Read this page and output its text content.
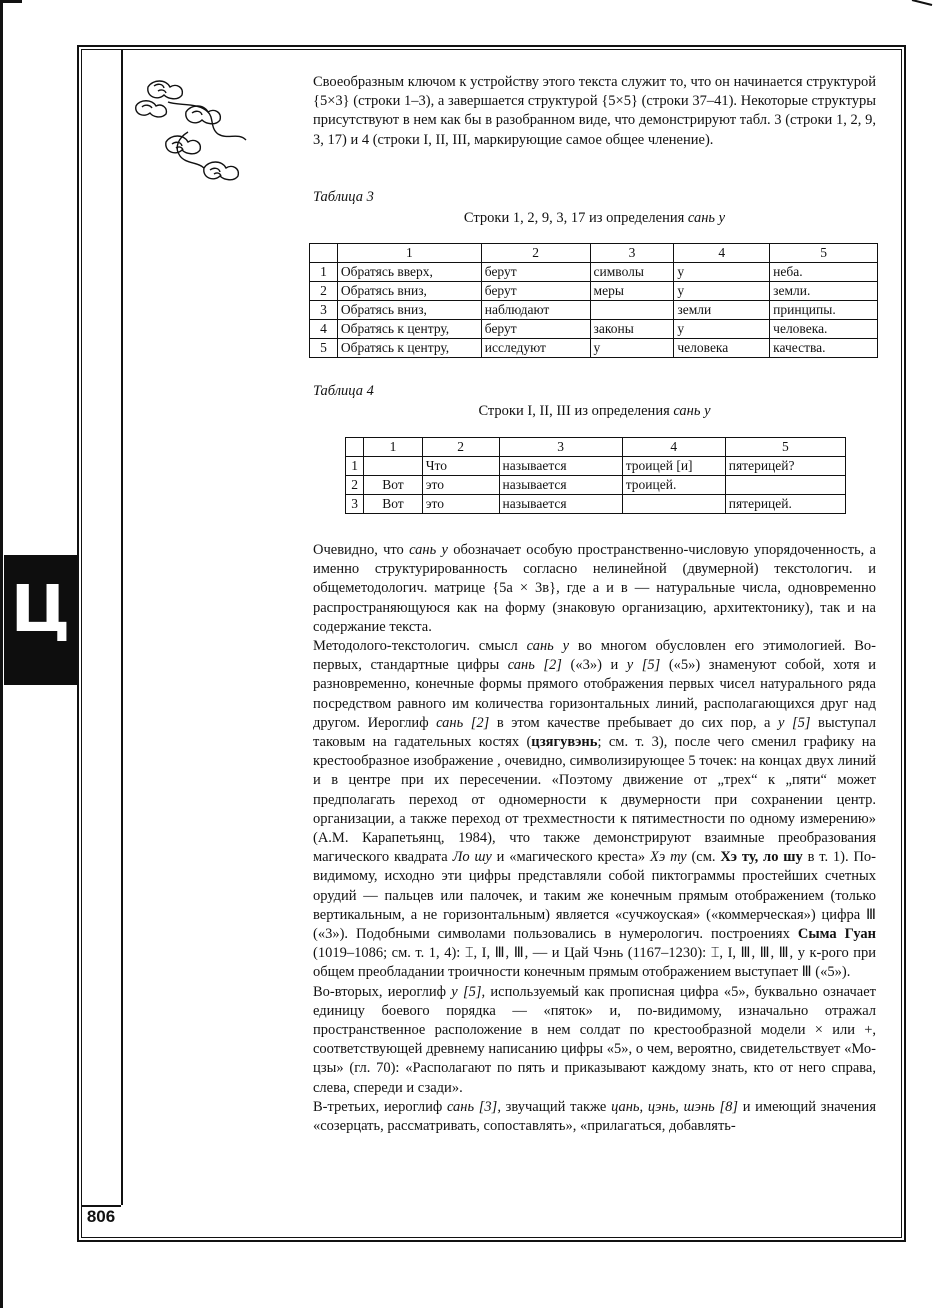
806
Ц
Своеобразным ключом к устройству этого текста служит то, что он начинается структурой {5×3} (строки 1–3), а завершается структурой {5×5} (строки 37–41). Некоторые структуры присутствуют в нем как бы в разобранном виде, что демонстрируют табл. 3 (строки 1, 2, 9, 3, 17) и 4 (строки I, II, III, маркирующие самое общее членение).
Таблица 3
Строки 1, 2, 9, 3, 17 из определения сань у
	1	2	3	4	5
1	Обратясь вверх,	берут	символы	у	неба.
2	Обратясь вниз,	берут	меры	у	земли.
3	Обратясь вниз,	наблюдают		земли	принципы.
4	Обратясь к центру,	берут	законы	у	человека.
5	Обратясь к центру,	исследуют	у	человека	качества.
Таблица 4
Строки I, II, III из определения сань у
	1	2	3	4	5
1		Что	называется	троицей [и]	пятерицей?
2	Вот	это	называется	троицей.	
3	Вот	это	называется		пятерицей.

Очевидно, что сань у обозначает особую пространственно-числовую упорядоченность, а именно структурированность согласно нелинейной (двумерной) текстологич. и общеметодологич. матрице {5a × 3в}, где a и в — натуральные числа, одновременно распространяющуюся как на форму (знаковую организацию, архитектонику), так и на содержание текста.

Методолого-текстологич. смысл сань у во многом обусловлен его этимологией. Во-первых, стандартные цифры сань [2] («3») и у [5] («5») знаменуют собой, хотя и разновременно, конечные формы прямого отображения первых чисел натурального ряда посредством равного им количества горизонтальных линий, располагающихся друг над другом. Иероглиф сань [2] в этом качестве пребывает до сих пор, а у [5] выступал таковым на гадательных костях (цзягувэнь; см. т. 3), после чего сменил графику на крестообразное изображение , очевидно, символизирующее 5 точек: на концах двух линий и в центре при их пересечении. «Поэтому движение от „трех“ к „пяти“ может предполагать переход от одномерности к двумерности при сохранении центр. организации, а также переход от трехместности к пятиместности по одному измерению» (А.М. Карапетьянц, 1984), что также демонстрируют взаимные преобразования магического квадрата Ло шу и «магического креста» Хэ ту (см. Хэ ту, ло шу в т. 1). По-видимому, исходно эти цифры представляли собой пиктограммы простейших счетных орудий — пальцев или палочек, и таким же конечным прямым отображением (только вертикальным, а не горизонтальным) является «сучжоуская» («коммерческая») цифра Ⅲ («3»). Подобными символами пользовались в нумерологич. построениях Сыма Гуан (1019–1086; см. т. 1, 4): ⌶, I, Ⅲ, Ⅲ, — и Цай Чэнь (1167–1230): ⌶, I, Ⅲ, Ⅲ, Ⅲ, у к-рого при общем преобладании троичности конечным прямым отображением выступает Ⅲ («5»).

Во-вторых, иероглиф у [5], используемый как прописная цифра «5», буквально означает единицу боевого порядка — «пяток» и, по-видимому, изначально отражал пространственное расположение в нем солдат по крестообразной модели × или +, соответствующей древнему написанию цифры «5», о чем, вероятно, свидетельствует «Мо-цзы» (гл. 70): «Располагают по пять и приказывают каждому знать, кто от него справа, слева, спереди и сзади».

В-третьих, иероглиф сань [3], звучащий также цань, цэнь, шэнь [8] и имеющий значения «созерцать, рассматривать, сопоставлять», «прилагаться, добавлять-
